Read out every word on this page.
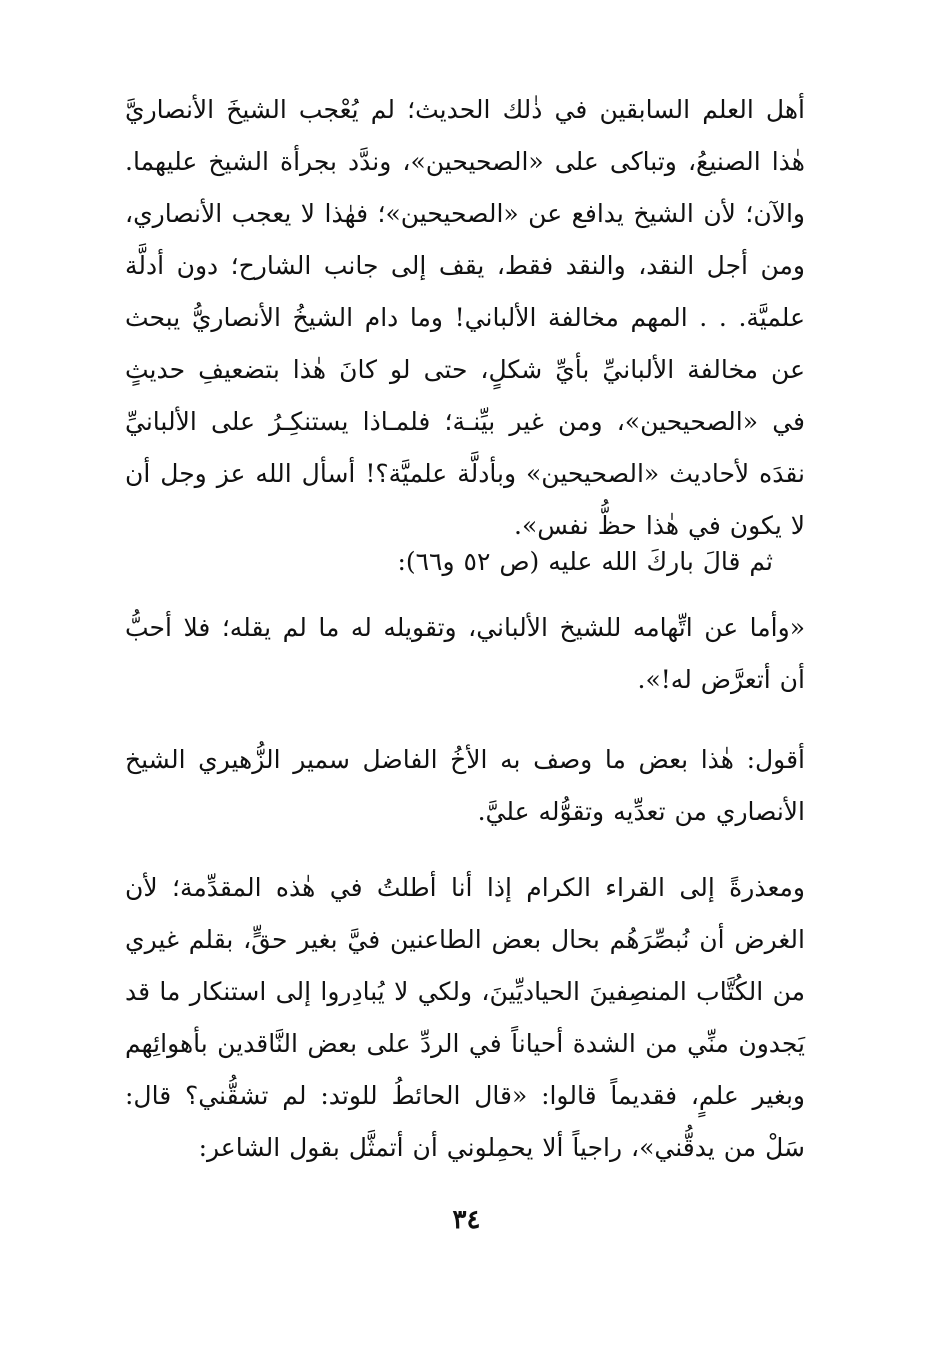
أهل العلم السابقين في ذٰلك الحديث؛ لم يُعْجب الشيخَ الأنصاريَّ هٰذا الصنيعُ، وتباكى على «الصحيحين»، وندَّد بجرأة الشيخ عليهما. والآن؛ لأن الشيخ يدافع عن «الصحيحين»؛ فهٰذا لا يعجب الأنصاري، ومن أجل النقد، والنقد فقط، يقف إلى جانب الشارح؛ دون أدلَّة علميَّة. . . المهم مخالفة الألباني! وما دام الشيخُ الأنصاريُّ يبحث عن مخالفة الألبانيِّ بأيِّ شكلٍ، حتى لو كانَ هٰذا بتضعيفِ حديثٍ في «الصحيحين»، ومن غير بيِّنـة؛ فلمـاذا يستنكِـرُ على الألبانيِّ نقدَه لأحاديث «الصحيحين» وبأدلَّة علميَّة؟! أسأل الله عز وجل أن لا يكون في هٰذا حظُّ نفس».

ثم قالَ باركَ الله عليه (ص ٥٢ و٦٦):

«وأما عن اتِّهامه للشيخ الألباني، وتقويله له ما لم يقله؛ فلا أحبُّ أن أتعرَّض له!».

أقول: هٰذا بعض ما وصف به الأخُ الفاضل سمير الزُّهيري الشيخ الأنصاري من تعدِّيه وتقوُّله عليَّ.

ومعذرةً إلى القراء الكرام إذا أنا أطلتُ في هٰذه المقدِّمة؛ لأن الغرض أن نُبصِّرَهُم بحال بعض الطاعنين فيَّ بغير حقٍّ، بقلم غيري من الكُتَّاب المنصِفينَ الحياديِّينَ، ولكي لا يُبادِروا إلى استنكار ما قد يَجدون منِّي من الشدة أحياناً في الردِّ على بعض النَّاقدين بأهوائِهم وبغير علمٍ، فقديماً قالوا: «قال الحائطُ للوتد: لم تشقُّني؟ قال: سَلْ من يدقُّني»، راجياً ألا يحمِلوني أن أتمثَّل بقول الشاعر:

٣٤
